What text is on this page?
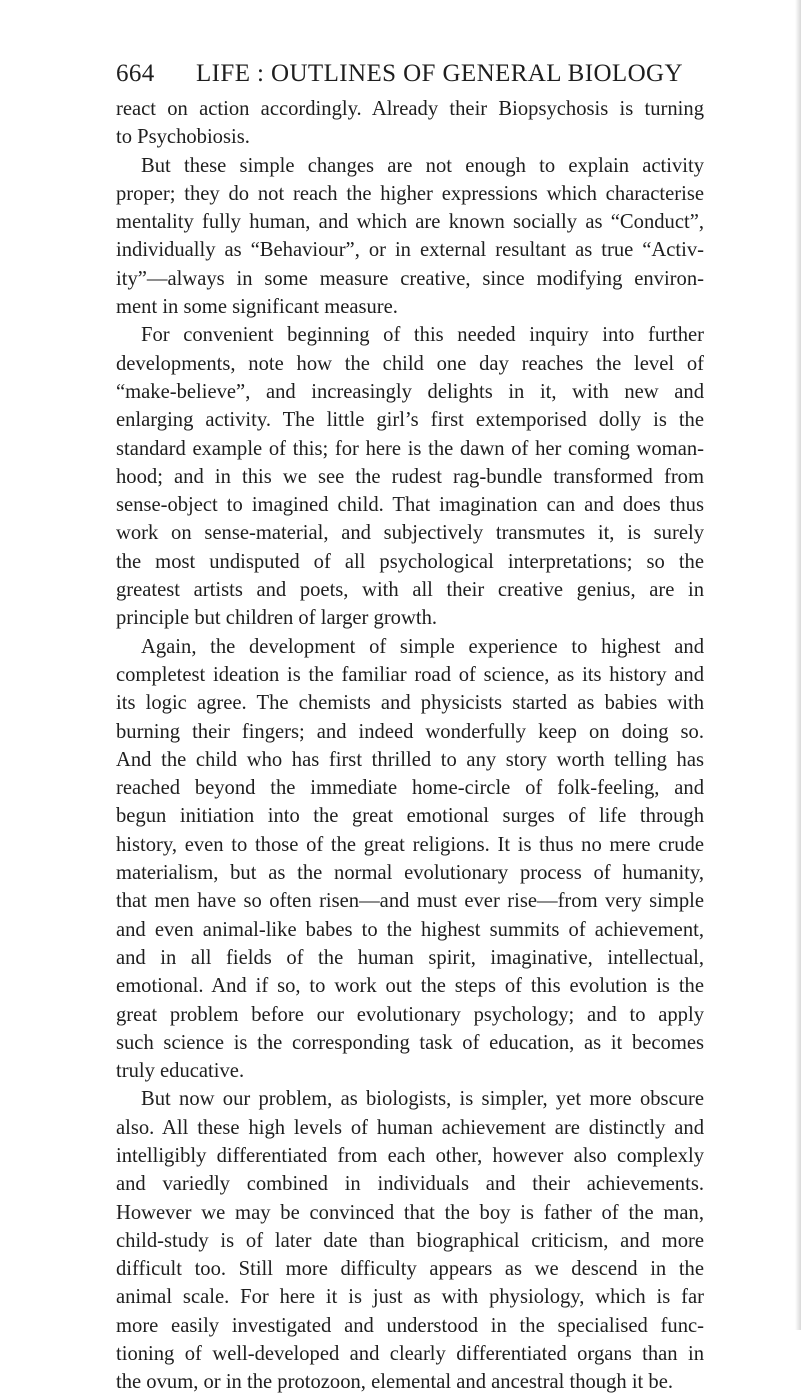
664 LIFE : OUTLINES OF GENERAL BIOLOGY
react on action accordingly. Already their Biopsychosis is turning
to Psychobiosis.
But these simple changes are not enough to explain activity
proper; they do not reach the higher expressions which characterise
mentality fully human, and which are known socially as “Conduct”,
individually as “Behaviour”, or in external resultant as true “Activ-
ity”—always in some measure creative, since modifying environ-
ment in some significant measure.
For convenient beginning of this needed inquiry into further
developments, note how the child one day reaches the level of
“make-believe”, and increasingly delights in it, with new and
enlarging activity. The little girl’s first extemporised dolly is the
standard example of this; for here is the dawn of her coming woman-
hood; and in this we see the rudest rag-bundle transformed from
sense-object to imagined child. That imagination can and does thus
work on sense-material, and subjectively transmutes it, is surely
the most undisputed of all psychological interpretations; so the
greatest artists and poets, with all their creative genius, are in
principle but children of larger growth.
Again, the development of simple experience to highest and
completest ideation is the familiar road of science, as its history and
its logic agree. The chemists and physicists started as babies with
burning their fingers; and indeed wonderfully keep on doing so.
And the child who has first thrilled to any story worth telling has
reached beyond the immediate home-circle of folk-feeling, and
begun initiation into the great emotional surges of life through
history, even to those of the great religions. It is thus no mere crude
materialism, but as the normal evolutionary process of humanity,
that men have so often risen—and must ever rise—from very simple
and even animal-like babes to the highest summits of achievement,
and in all fields of the human spirit, imaginative, intellectual,
emotional. And if so, to work out the steps of this evolution is the
great problem before our evolutionary psychology; and to apply
such science is the corresponding task of education, as it becomes
truly educative.
But now our problem, as biologists, is simpler, yet more obscure
also. All these high levels of human achievement are distinctly and
intelligibly differentiated from each other, however also complexly
and variedly combined in individuals and their achievements.
However we may be convinced that the boy is father of the man,
child-study is of later date than biographical criticism, and more
difficult too. Still more difficulty appears as we descend in the
animal scale. For here it is just as with physiology, which is far
more easily investigated and understood in the specialised func-
tioning of well-developed and clearly differentiated organs than in
the ovum, or in the protozoon, elemental and ancestral though it be.
